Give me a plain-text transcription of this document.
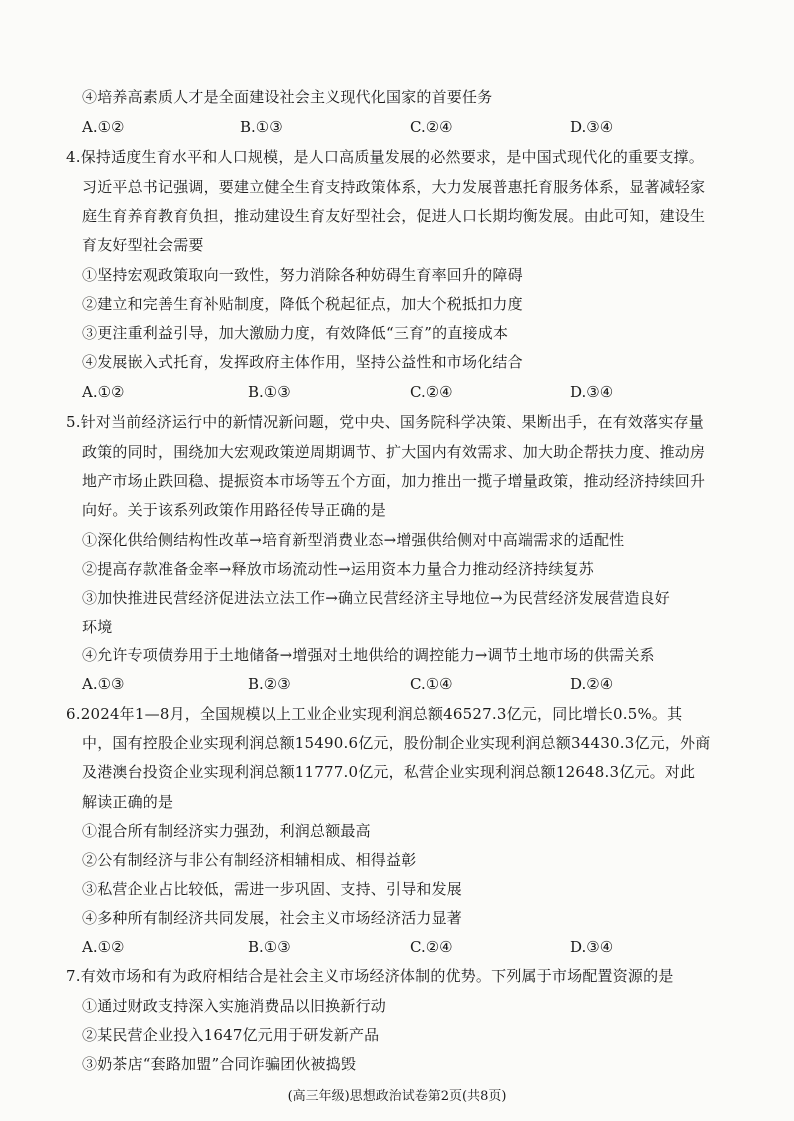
④培养高素质人才是全面建设社会主义现代化国家的首要任务
A.①②	B.①③	C.②④	D.③④
4.保持适度生育水平和人口规模，是人口高质量发展的必然要求，是中国式现代化的重要支撑。
习近平总书记强调，要建立健全生育支持政策体系，大力发展普惠托育服务体系，显著减轻家
庭生育养育教育负担，推动建设生育友好型社会，促进人口长期均衡发展。由此可知，建设生
育友好型社会需要
①坚持宏观政策取向一致性，努力消除各种妨碍生育率回升的障碍
②建立和完善生育补贴制度，降低个税起征点，加大个税抵扣力度
③更注重利益引导，加大激励力度，有效降低“三育”的直接成本
④发展嵌入式托育，发挥政府主体作用，坚持公益性和市场化结合
A.①②	B.①③	C.②④	D.③④
5.针对当前经济运行中的新情况新问题，党中央、国务院科学决策、果断出手，在有效落实存量
政策的同时，围绕加大宏观政策逆周期调节、扩大国内有效需求、加大助企帮扶力度、推动房
地产市场止跌回稳、提振资本市场等五个方面，加力推出一揽子增量政策，推动经济持续回升
向好。关于该系列政策作用路径传导正确的是
①深化供给侧结构性改革→培育新型消费业态→增强供给侧对中高端需求的适配性
②提高存款准备金率→释放市场流动性→运用资本力量合力推动经济持续复苏
③加快推进民营经济促进法立法工作→确立民营经济主导地位→为民营经济发展营造良好
环境
④允许专项债券用于土地储备→增强对土地供给的调控能力→调节土地市场的供需关系
A.①③	B.②③	C.①④	D.②④
6.2024年1—8月，全国规模以上工业企业实现利润总额46527.3亿元，同比增长0.5%。其
中，国有控股企业实现利润总额15490.6亿元，股份制企业实现利润总额34430.3亿元，外商
及港澳台投资企业实现利润总额11777.0亿元，私营企业实现利润总额12648.3亿元。对此
解读正确的是
①混合所有制经济实力强劲，利润总额最高
②公有制经济与非公有制经济相辅相成、相得益彰
③私营企业占比较低，需进一步巩固、支持、引导和发展
④多种所有制经济共同发展，社会主义市场经济活力显著
A.①②	B.①③	C.②④	D.③④
7.有效市场和有为政府相结合是社会主义市场经济体制的优势。下列属于市场配置资源的是
①通过财政支持深入实施消费品以旧换新行动
②某民营企业投入1647亿元用于研发新产品
③奶茶店“套路加盟”合同诈骗团伙被捣毁
(高三年级)思想政治试卷第2页(共8页)
